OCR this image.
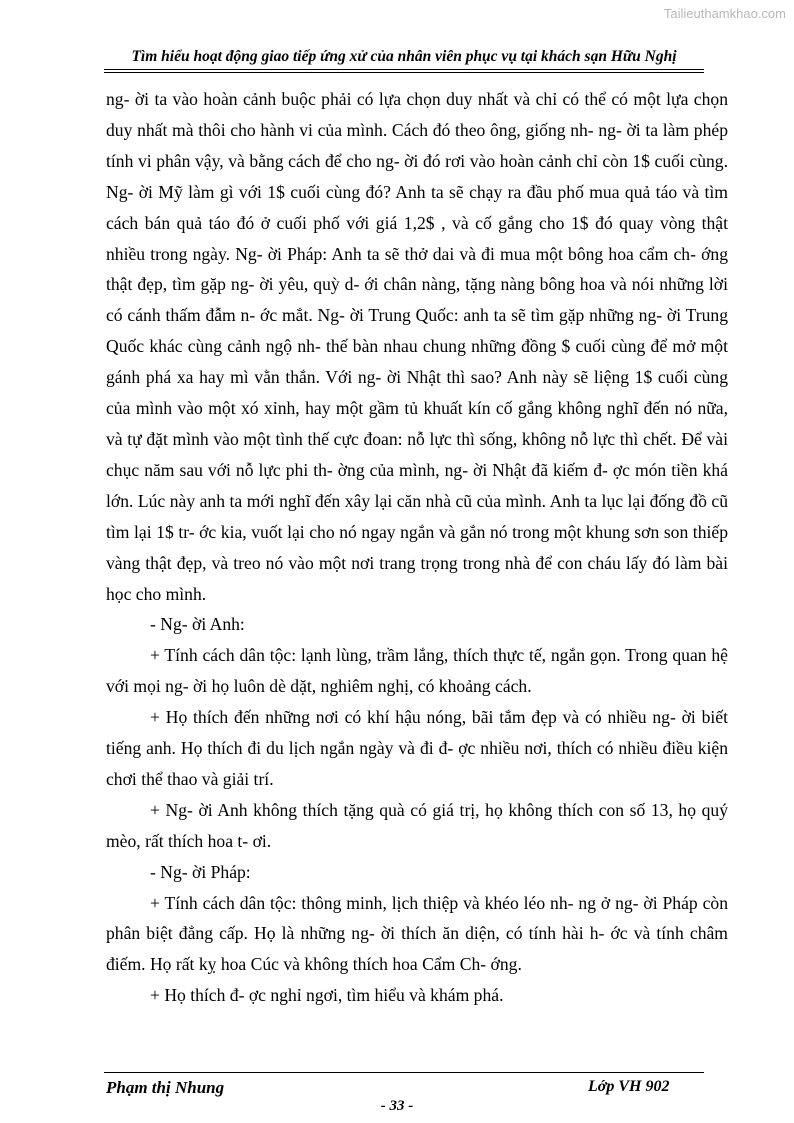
Tailieuthamkhao.com
Tìm hiểu hoạt động giao tiếp ứng xử của nhân viên phục vụ tại khách sạn Hữu Nghị

ng- ời ta vào hoàn cảnh buộc phải có lựa chọn duy nhất và chỉ có thể có một lựa chọn duy nhất mà thôi cho hành vi của mình. Cách đó theo ông, giống nh- ng- ời ta làm phép tính vi phân vậy, và bằng cách để cho ng- ời đó rơi vào hoàn cảnh chỉ còn 1$ cuối cùng. Ng- ời Mỹ làm gì với 1$ cuối cùng đó? Anh ta sẽ chạy ra đầu phố mua quả táo và tìm cách bán quả táo đó ở cuối phố với giá 1,2$ , và cố gắng cho 1$ đó quay vòng thật nhiều trong ngày. Ng- ời Pháp: Anh ta sẽ thở dai và đi mua một bông hoa cẩm ch- ớng thật đẹp, tìm gặp ng- ời yêu, quỳ d- ới chân nàng, tặng nàng bông hoa và nói những lời có cánh thấm đẫm n- ớc mắt. Ng- ời Trung Quốc: anh ta sẽ tìm gặp những ng- ời Trung Quốc khác cùng cảnh ngộ nh- thế bàn nhau chung những đồng $ cuối cùng để mở một gánh phá xa hay mì vằn thắn. Với ng- ời Nhật thì sao? Anh này sẽ liệng 1$ cuối cùng của mình vào một xó xỉnh, hay một gầm tủ khuất kín cố gắng không nghĩ đến nó nữa, và tự đặt mình vào một tình thế cực đoan: nỗ lực thì sống, không nỗ lực thì chết. Để vài chục năm sau với nỗ lực phi th- ờng của mình, ng- ời Nhật đã kiếm đ- ợc món tiền khá lớn. Lúc này anh ta mới nghĩ đến xây lại căn nhà cũ của mình. Anh ta lục lại đống đồ cũ tìm lại 1$ tr- ớc kia, vuốt lại cho nó ngay ngắn và gắn nó trong một khung sơn son thiếp vàng thật đẹp, và treo nó vào một nơi trang trọng trong nhà để con cháu lấy đó làm bài học cho mình.

- Ng- ời Anh:

+ Tính cách dân tộc: lạnh lùng, trầm lắng, thích thực tế, ngắn gọn. Trong quan hệ với mọi ng- ời họ luôn dè dặt, nghiêm nghị, có khoảng cách.

+ Họ thích đến những nơi có khí hậu nóng, bãi tắm đẹp và có nhiều ng- ời biết tiếng anh. Họ thích đi du lịch ngắn ngày và đi đ- ợc nhiều nơi, thích có nhiều điều kiện chơi thể thao và giải trí.

+ Ng- ời Anh không thích tặng quà có giá trị, họ không thích con số 13, họ quý mèo, rất thích hoa t- ơi.

- Ng- ời Pháp:

+ Tính cách dân tộc: thông minh, lịch thiệp và khéo léo nh- ng ở ng- ời Pháp còn phân biệt đẳng cấp. Họ là những ng- ời thích ăn diện, có tính hài h- ớc và tính châm điếm. Họ rất kỵ hoa Cúc và không thích hoa Cẩm Ch- ớng.

+ Họ thích đ- ợc nghỉ ngơi, tìm hiểu và khám phá.

Phạm thị Nhung	Lớp VH 902
- 33 -
